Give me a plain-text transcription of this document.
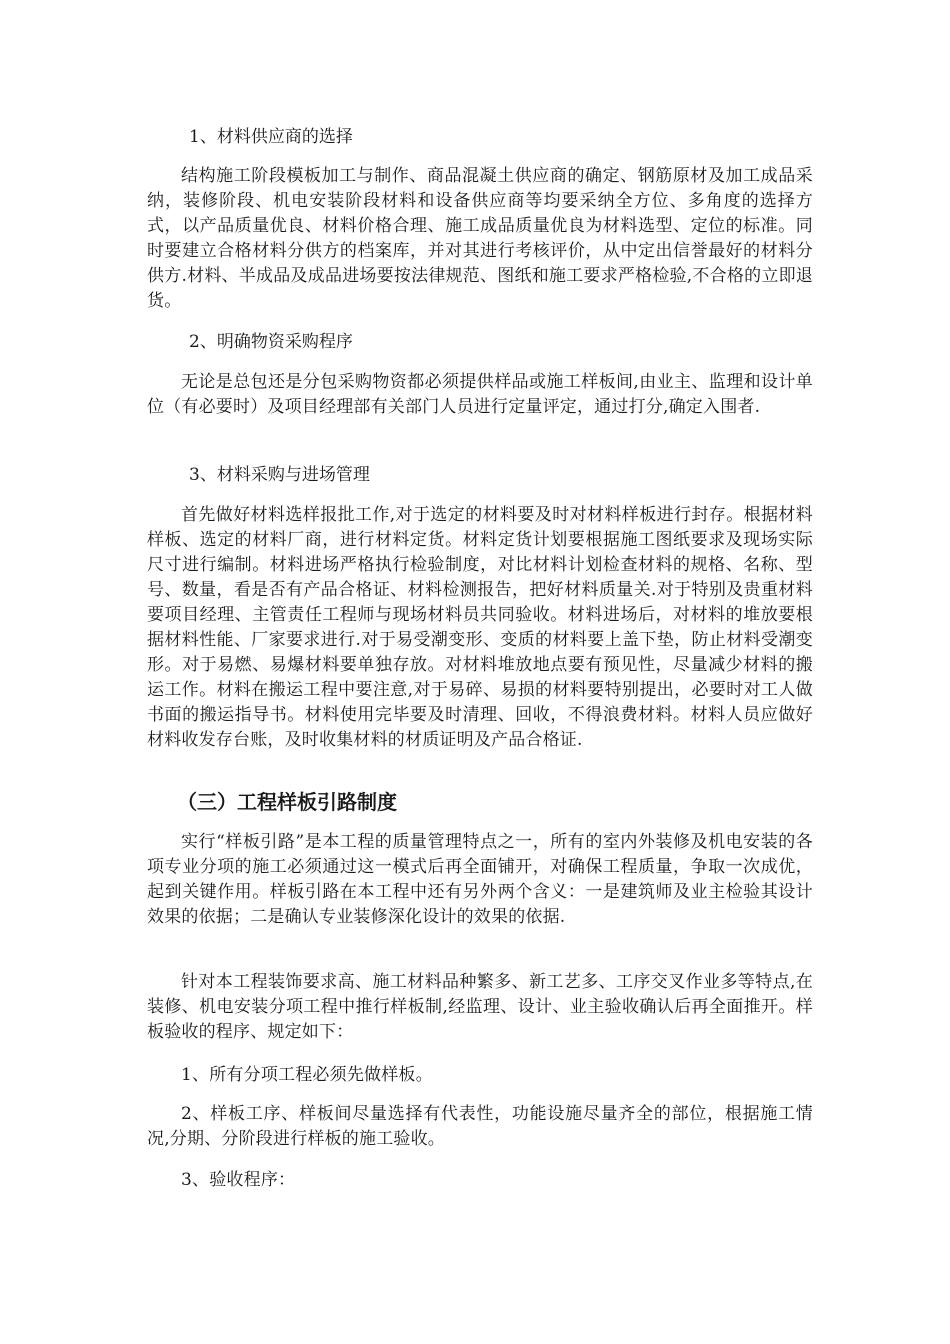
1、材料供应商的选择

结构施工阶段模板加工与制作、商品混凝土供应商的确定、钢筋原材及加工成品采纳，装修阶段、机电安装阶段材料和设备供应商等均要采纳全方位、多角度的选择方式，以产品质量优良、材料价格合理、施工成品质量优良为材料选型、定位的标准。同时要建立合格材料分供方的档案库，并对其进行考核评价，从中定出信誉最好的材料分供方.材料、半成品及成品进场要按法律规范、图纸和施工要求严格检验,不合格的立即退货。

2、明确物资采购程序

无论是总包还是分包采购物资都必须提供样品或施工样板间,由业主、监理和设计单位（有必要时）及项目经理部有关部门人员进行定量评定，通过打分,确定入围者.

3、材料采购与进场管理

首先做好材料选样报批工作,对于选定的材料要及时对材料样板进行封存。根据材料样板、选定的材料厂商，进行材料定货。材料定货计划要根据施工图纸要求及现场实际尺寸进行编制。材料进场严格执行检验制度，对比材料计划检查材料的规格、名称、型号、数量，看是否有产品合格证、材料检测报告，把好材料质量关.对于特别及贵重材料要项目经理、主管责任工程师与现场材料员共同验收。材料进场后，对材料的堆放要根据材料性能、厂家要求进行.对于易受潮变形、变质的材料要上盖下垫，防止材料受潮变形。对于易燃、易爆材料要单独存放。对材料堆放地点要有预见性，尽量减少材料的搬运工作。材料在搬运工程中要注意,对于易碎、易损的材料要特别提出，必要时对工人做书面的搬运指导书。材料使用完毕要及时清理、回收，不得浪费材料。材料人员应做好材料收发存台账，及时收集材料的材质证明及产品合格证.

（三）工程样板引路制度

实行“样板引路”是本工程的质量管理特点之一，所有的室内外装修及机电安装的各项专业分项的施工必须通过这一模式后再全面铺开，对确保工程质量，争取一次成优，起到关键作用。样板引路在本工程中还有另外两个含义：一是建筑师及业主检验其设计效果的依据；二是确认专业装修深化设计的效果的依据.

针对本工程装饰要求高、施工材料品种繁多、新工艺多、工序交叉作业多等特点,在装修、机电安装分项工程中推行样板制,经监理、设计、业主验收确认后再全面推开。样板验收的程序、规定如下：

1、所有分项工程必须先做样板。

2、样板工序、样板间尽量选择有代表性，功能设施尽量齐全的部位，根据施工情况,分期、分阶段进行样板的施工验收。

3、验收程序：
